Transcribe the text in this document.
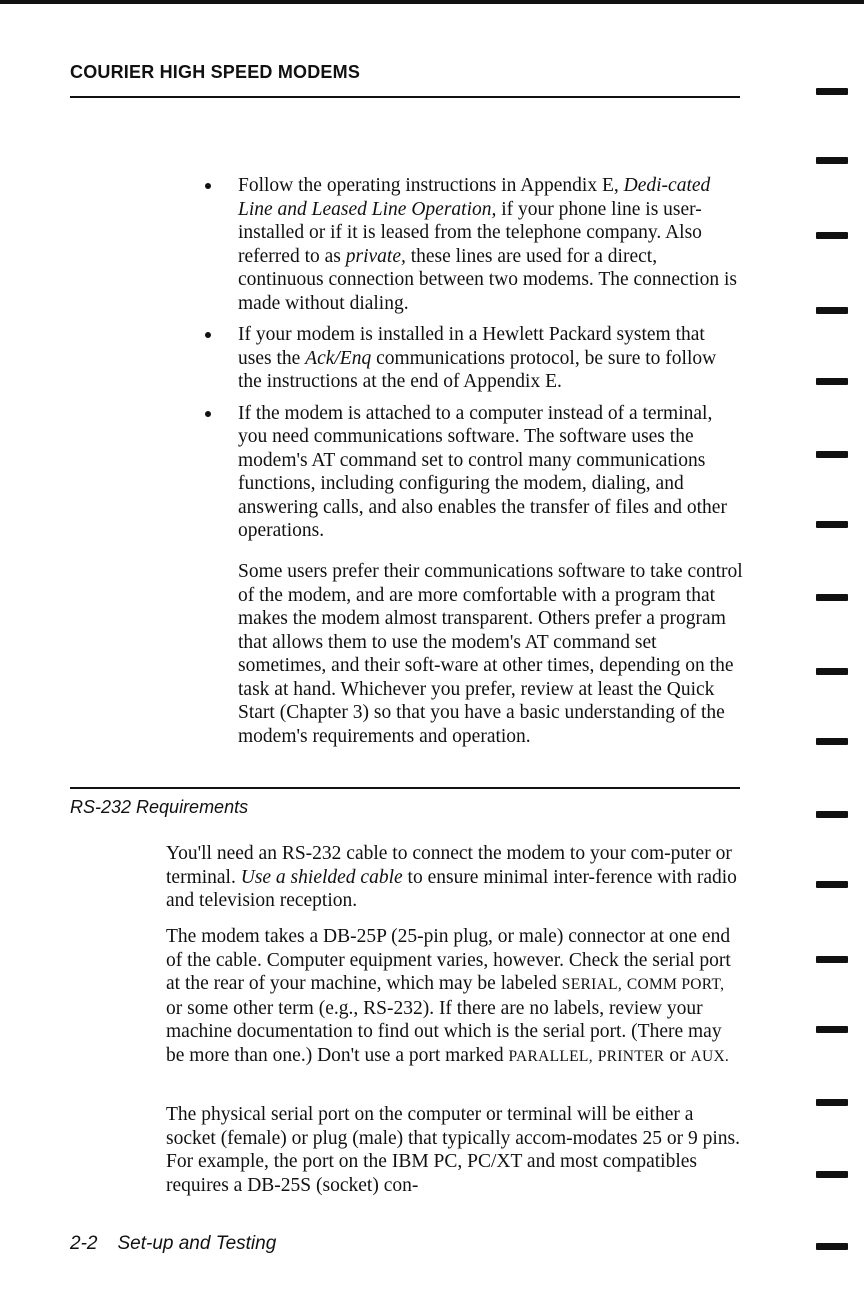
COURIER HIGH SPEED MODEMS
Follow the operating instructions in Appendix E, Dedi-cated Line and Leased Line Operation, if your phone line is user-installed or if it is leased from the telephone company. Also referred to as private, these lines are used for a direct, continuous connection between two modems. The connection is made without dialing.
If your modem is installed in a Hewlett Packard system that uses the Ack/Enq communications protocol, be sure to follow the instructions at the end of Appendix E.
If the modem is attached to a computer instead of a terminal, you need communications software. The software uses the modem's AT command set to control many communications functions, including configuring the modem, dialing, and answering calls, and also enables the transfer of files and other operations.

Some users prefer their communications software to take control of the modem, and are more comfortable with a program that makes the modem almost transparent. Others prefer a program that allows them to use the modem's AT command set sometimes, and their soft-ware at other times, depending on the task at hand. Whichever you prefer, review at least the Quick Start (Chapter 3) so that you have a basic understanding of the modem's requirements and operation.

RS-232 Requirements

You'll need an RS-232 cable to connect the modem to your com-puter or terminal. Use a shielded cable to ensure minimal inter-ference with radio and television reception.

The modem takes a DB-25P (25-pin plug, or male) connector at one end of the cable. Computer equipment varies, however. Check the serial port at the rear of your machine, which may be labeled SERIAL, COMM PORT, or some other term (e.g., RS-232). If there are no labels, review your machine documentation to find out which is the serial port. (There may be more than one.) Don't use a port marked PARALLEL, PRINTER or AUX.

The physical serial port on the computer or terminal will be either a socket (female) or plug (male) that typically accom-modates 25 or 9 pins. For example, the port on the IBM PC, PC/XT and most compatibles requires a DB-25S (socket) con-

2-2 Set-up and Testing
